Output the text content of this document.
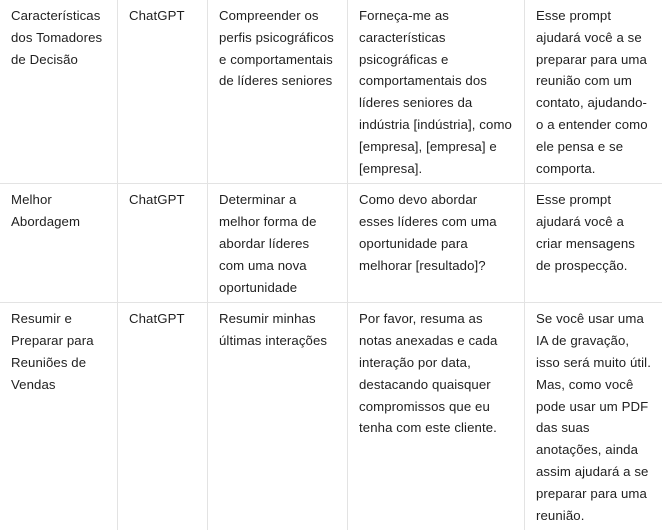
Características dos Tomadores de Decisão	ChatGPT	Compreender os perfis psicográficos e comportamentais de líderes seniores	Forneça-me as características psicográficas e comportamentais dos líderes seniores da indústria [indústria], como [empresa], [empresa] e [empresa].	Esse prompt ajudará você a se preparar para uma reunião com um contato, ajudando-o a entender como ele pensa e se comporta.
Melhor Abordagem	ChatGPT	Determinar a melhor forma de abordar líderes com uma nova oportunidade	Como devo abordar esses líderes com uma oportunidade para melhorar [resultado]?	Esse prompt ajudará você a criar mensagens de prospecção.
Resumir e Preparar para Reuniões de Vendas	ChatGPT	Resumir minhas últimas interações	Por favor, resuma as notas anexadas e cada interação por data, destacando quaisquer compromissos que eu tenha com este cliente.	Se você usar uma IA de gravação, isso será muito útil. Mas, como você pode usar um PDF das suas anotações, ainda assim ajudará a se preparar para uma reunião.
